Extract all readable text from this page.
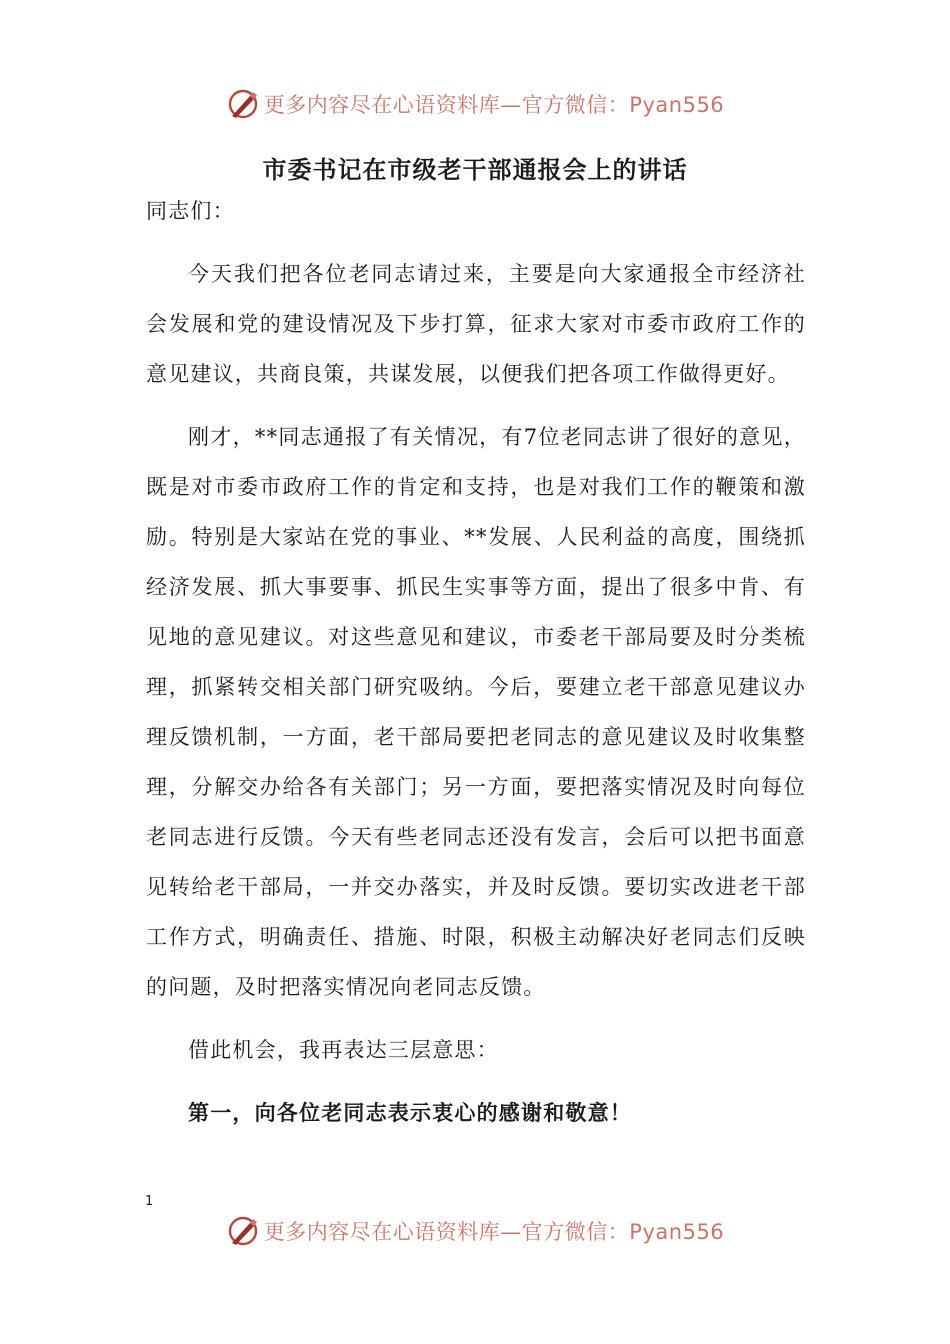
更多内容尽在心语资料库—官方微信：Pyan556
市委书记在市级老干部通报会上的讲话

同志们：

今天我们把各位老同志请过来，主要是向大家通报全市经济社会发展和党的建设情况及下步打算，征求大家对市委市政府工作的意见建议，共商良策，共谋发展，以便我们把各项工作做得更好。

刚才，**同志通报了有关情况，有7位老同志讲了很好的意见，既是对市委市政府工作的肯定和支持，也是对我们工作的鞭策和激励。特别是大家站在党的事业、**发展、人民利益的高度，围绕抓经济发展、抓大事要事、抓民生实事等方面，提出了很多中肯、有见地的意见建议。对这些意见和建议，市委老干部局要及时分类梳理，抓紧转交相关部门研究吸纳。今后，要建立老干部意见建议办理反馈机制，一方面，老干部局要把老同志的意见建议及时收集整理，分解交办给各有关部门；另一方面，要把落实情况及时向每位老同志进行反馈。今天有些老同志还没有发言，会后可以把书面意见转给老干部局，一并交办落实，并及时反馈。要切实改进老干部工作方式，明确责任、措施、时限，积极主动解决好老同志们反映的问题，及时把落实情况向老同志反馈。

借此机会，我再表达三层意思：

第一，向各位老同志表示衷心的感谢和敬意！

1
更多内容尽在心语资料库—官方微信：Pyan556
